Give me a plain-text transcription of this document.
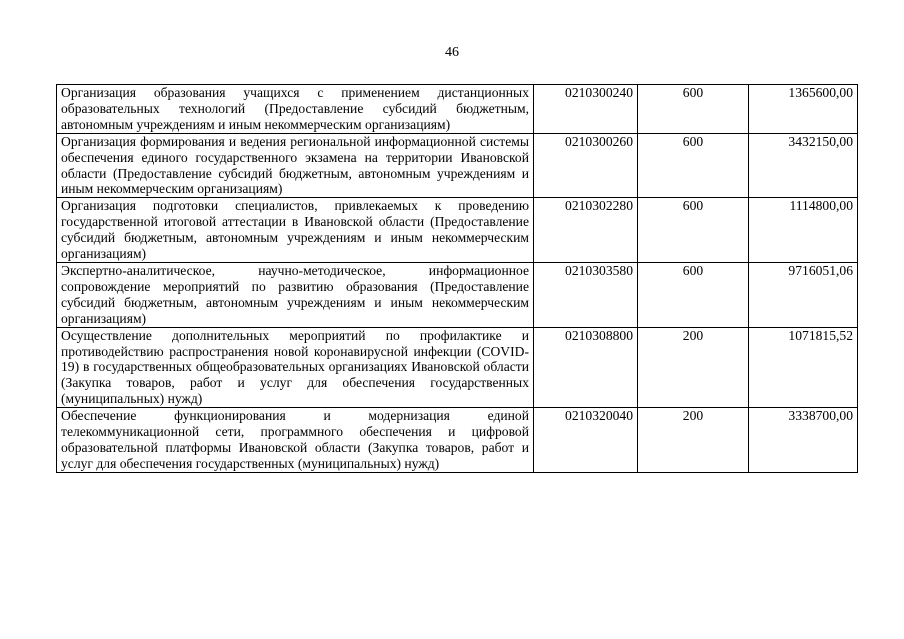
46
Организация образования учащихся с применением дистанционных образовательных технологий (Предоставление субсидий бюджетным, автономным учреждениям и иным некоммерческим организациям)	0210300240	600	1365600,00
Организация формирования и ведения региональной информационной системы обеспечения единого государственного экзамена на территории Ивановской области (Предоставление субсидий бюджетным, автономным учреждениям и иным некоммерческим организациям)	0210300260	600	3432150,00
Организация подготовки специалистов, привлекаемых к проведению государственной итоговой аттестации в Ивановской области (Предоставление субсидий бюджетным, автономным учреждениям и иным некоммерческим организациям)	0210302280	600	1114800,00
Экспертно-аналитическое, научно-методическое, информационное сопровождение мероприятий по развитию образования (Предоставление субсидий бюджетным, автономным учреждениям и иным некоммерческим организациям)	0210303580	600	9716051,06
Осуществление дополнительных мероприятий по профилактике и противодействию распространения новой коронавирусной инфекции (COVID-19) в государственных общеобразовательных организациях Ивановской области (Закупка товаров, работ и услуг для обеспечения государственных (муниципальных) нужд)	0210308800	200	1071815,52
Обеспечение функционирования и модернизация единой телекоммуникационной сети, программного обеспечения и цифровой образовательной платформы Ивановской области (Закупка товаров, работ и услуг для обеспечения государственных (муниципальных) нужд)	0210320040	200	3338700,00
